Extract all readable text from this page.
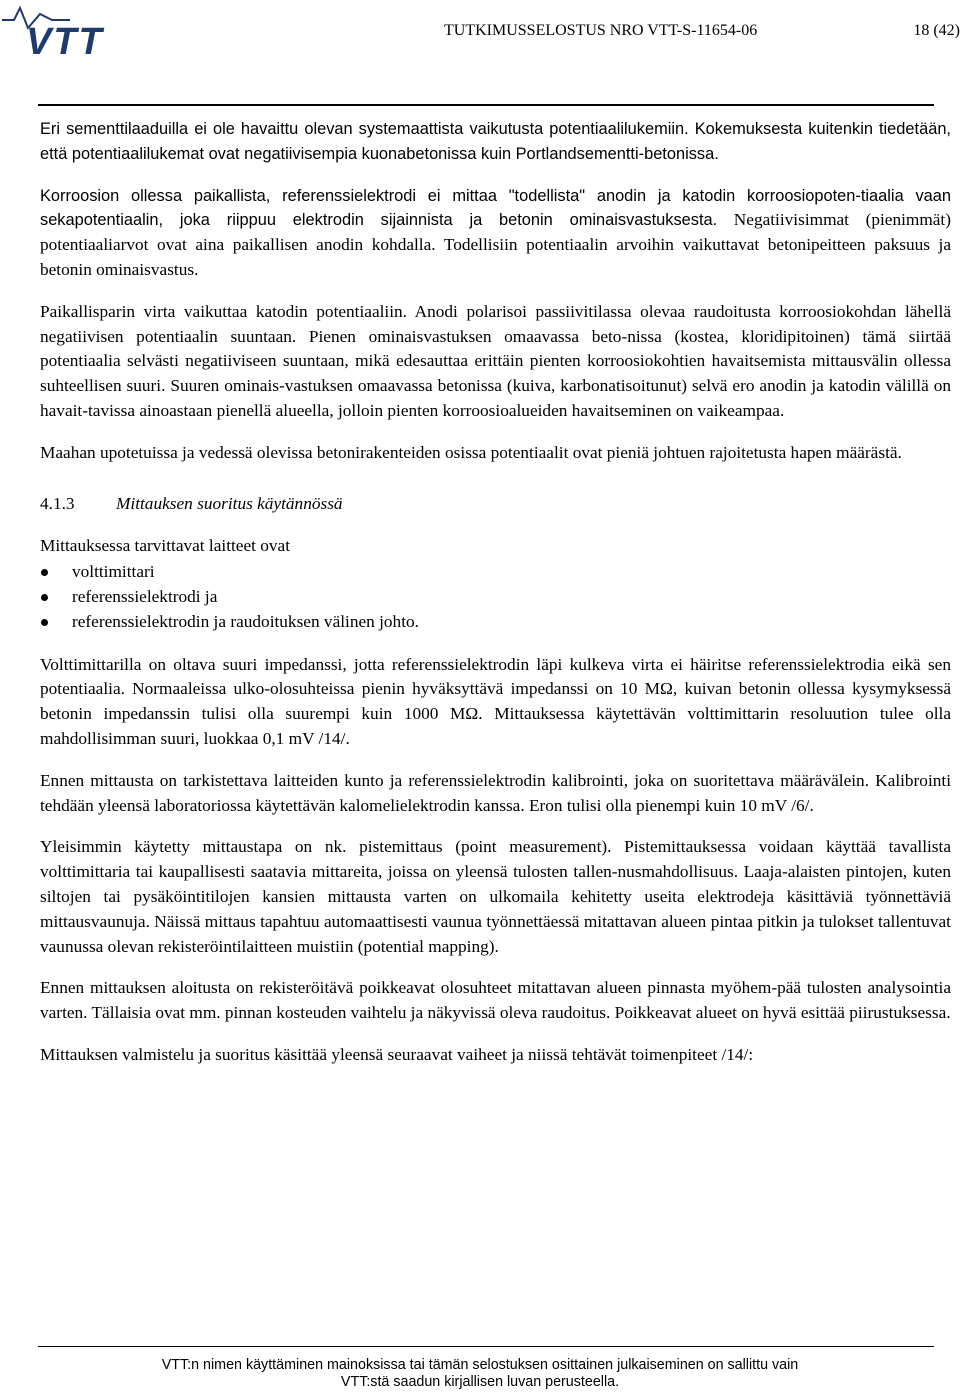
VTT	TUTKIMUSSELOSTUS NRO VTT-S-11654-06	18 (42)

Eri sementtilaaduilla ei ole havaittu olevan systemaattista vaikutusta potentiaalilukemiin. Kokemuksesta kuitenkin tiedetään, että potentiaalilukemat ovat negatiivisempia kuonabetonissa kuin Portlandsementti-betonissa.

Korroosion ollessa paikallista, referenssielektrodi ei mittaa "todellista" anodin ja katodin korroosiopoten-tiaalia vaan sekapotentiaalin, joka riippuu elektrodin sijainnista ja betonin ominaisvastuksesta. Negatiivisimmat (pienimmät) potentiaaliarvot ovat aina paikallisen anodin kohdalla. Todellisiin potentiaalin arvoihin vaikuttavat betonipeitteen paksuus ja betonin ominaisvastus.

Paikallisparin virta vaikuttaa katodin potentiaaliin. Anodi polarisoi passiivitilassa olevaa raudoitusta korroosiokohdan lähellä negatiivisen potentiaalin suuntaan. Pienen ominaisvastuksen omaavassa beto-nissa (kostea, kloridipitoinen) tämä siirtää potentiaalia selvästi negatiiviseen suuntaan, mikä edesauttaa erittäin pienten korroosiokohtien havaitsemista mittausvälin ollessa suhteellisen suuri. Suuren ominais-vastuksen omaavassa betonissa (kuiva, karbonatisoitunut) selvä ero anodin ja katodin välillä on havait-tavissa ainoastaan pienellä alueella, jolloin pienten korroosioalueiden havaitseminen on vaikeampaa.

Maahan upotetuissa ja vedessä olevissa betonirakenteiden osissa potentiaalit ovat pieniä johtuen rajoitetusta hapen määrästä.

4.1.3 Mittauksen suoritus käytännössä

Mittauksessa tarvittavat laitteet ovat

volttimittari
referenssielektrodi ja
referenssielektrodin ja raudoituksen välinen johto.

Volttimittarilla on oltava suuri impedanssi, jotta referenssielektrodin läpi kulkeva virta ei häiritse referenssielektrodia eikä sen potentiaalia. Normaaleissa ulko-olosuhteissa pienin hyväksyttävä impedanssi on 10 MΩ, kuivan betonin ollessa kysymyksessä betonin impedanssin tulisi olla suurempi kuin 1000 MΩ. Mittauksessa käytettävän volttimittarin resoluution tulee olla mahdollisimman suuri, luokkaa 0,1 mV /14/.

Ennen mittausta on tarkistettava laitteiden kunto ja referenssielektrodin kalibrointi, joka on suoritettava määrävälein. Kalibrointi tehdään yleensä laboratoriossa käytettävän kalomelielektrodin kanssa. Eron tulisi olla pienempi kuin 10 mV /6/.

Yleisimmin käytetty mittaustapa on nk. pistemittaus (point measurement). Pistemittauksessa voidaan käyttää tavallista volttimittaria tai kaupallisesti saatavia mittareita, joissa on yleensä tulosten tallen-nusmahdollisuus. Laaja-alaisten pintojen, kuten siltojen tai pysäköintitilojen kansien mittausta varten on ulkomaila kehitetty useita elektrodeja käsittäviä työnnettäviä mittausvaunuja. Näissä mittaus tapahtuu automaattisesti vaunua työnnettäessä mitattavan alueen pintaa pitkin ja tulokset tallentuvat vaunussa olevan rekisteröintilaitteen muistiin (potential mapping).

Ennen mittauksen aloitusta on rekisteröitävä poikkeavat olosuhteet mitattavan alueen pinnasta myöhem-pää tulosten analysointia varten. Tällaisia ovat mm. pinnan kosteuden vaihtelu ja näkyvissä oleva raudoitus. Poikkeavat alueet on hyvä esittää piirustuksessa.

Mittauksen valmistelu ja suoritus käsittää yleensä seuraavat vaiheet ja niissä tehtävät toimenpiteet /14/:

VTT:n nimen käyttäminen mainoksissa tai tämän selostuksen osittainen julkaiseminen on sallittu vain
VTT:stä saadun kirjallisen luvan perusteella.
